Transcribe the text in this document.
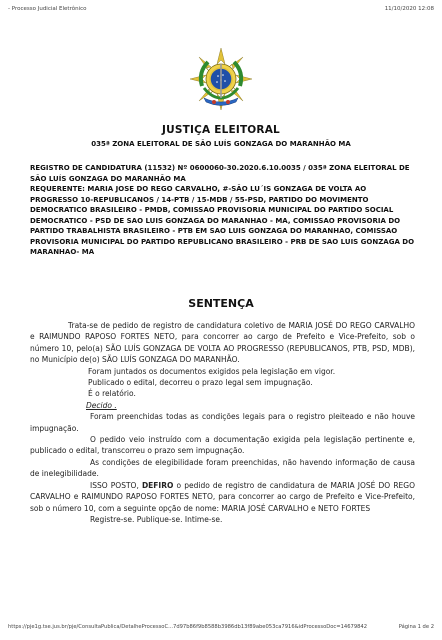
- Processo Judicial Eletrônico	11/10/2020 12:08
JUSTIÇA ELEITORAL
035ª ZONA ELEITORAL DE SÃO LUÍS GONZAGA DO MARANHÃO MA

REGISTRO DE CANDIDATURA (11532) Nº 0600060-30.2020.6.10.0035 / 035ª ZONA ELEITORAL DE SÃO LUÍS GONZAGA DO MARANHÃO MA

REQUERENTE: MARIA JOSE DO REGO CARVALHO, #-SÃO LU´IS GONZAGA DE VOLTA AO PROGRESSO 10-REPUBLICANOS / 14-PTB / 15-MDB / 55-PSD, PARTIDO DO MOVIMENTO DEMOCRATICO BRASILEIRO - PMDB, COMISSAO PROVISORIA MUNICIPAL DO PARTIDO SOCIAL DEMOCRATICO - PSD DE SAO LUIS GONZAGA DO MARANHAO - MA, COMISSAO PROVISORIA DO PARTIDO TRABALHISTA BRASILEIRO - PTB EM SAO LUIS GONZAGA DO MARANHAO, COMISSAO PROVISORIA MUNICIPAL DO PARTIDO REPUBLICANO BRASILEIRO - PRB DE SAO LUIS GONZAGA DO MARANHAO- MA

SENTENÇA

Trata-se de pedido de registro de candidatura coletivo de MARIA JOSÉ DO REGO CARVALHO e RAIMUNDO RAPOSO FORTES NETO, para concorrer ao cargo de Prefeito e Vice-Prefeito, sob o número 10, pelo(a) SÃO LUÍS GONZAGA DE VOLTA AO PROGRESSO (REPUBLICANOS, PTB, PSD, MDB), no Município de(o) SÃO LUÍS GONZAGA DO MARANHÃO.

Foram juntados os documentos exigidos pela legislação em vigor.

Publicado o edital, decorreu o prazo legal sem impugnação.

É o relatório.

Decido .

Foram preenchidas todas as condições legais para o registro pleiteado e não houve impugnação.

O pedido veio instruído com a documentação exigida pela legislação pertinente e, publicado o edital, transcorreu o prazo sem impugnação.

As condições de elegibilidade foram preenchidas, não havendo informação de causa de inelegibilidade.

ISSO POSTO, DEFIRO o pedido de registro de candidatura de MARIA JOSÉ DO REGO CARVALHO e RAIMUNDO RAPOSO FORTES NETO, para concorrer ao cargo de Prefeito e Vice-Prefeito, sob o número 10, com a seguinte opção de nome: MARIA JOSÉ CARVALHO e NETO FORTES

Registre-se. Publique-se. Intime-se.

https://pje1g.tse.jus.br/pje/ConsultaPublica/DetalheProcessoC...7d97b86f9b8588b3986db13f89abe053ca7916&idProcessoDoc=14679842	Página 1 de 2
